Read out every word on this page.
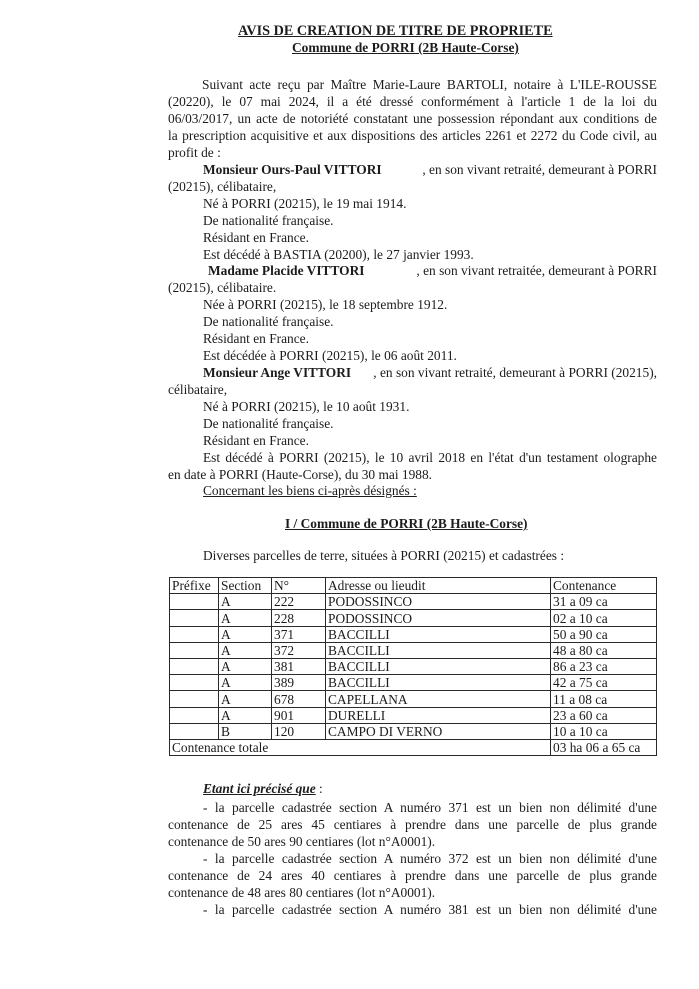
AVIS DE CREATION DE TITRE DE PROPRIETE
Commune de PORRI (2B Haute-Corse)
Suivant acte reçu par Maître Marie-Laure BARTOLI, notaire à L'ILE-ROUSSE
(20220), le 07 mai 2024, il a été dressé conformément à l'article 1 de la loi du
06/03/2017, un acte de notoriété constatant une possession répondant aux conditions de
la prescription acquisitive et aux dispositions des articles 2261 et 2272 du Code civil, au
profit de :
Monsieur Ours-Paul VITTORI	, en son vivant retraité, demeurant à PORRI
(20215), célibataire,
Né à PORRI (20215), le 19 mai 1914.
De nationalité française.
Résidant en France.
Est décédé à BASTIA (20200), le 27 janvier 1993.
Madame Placide VITTORI	, en son vivant retraitée, demeurant à PORRI
(20215), célibataire.
Née à PORRI (20215), le 18 septembre 1912.
De nationalité française.
Résidant en France.
Est décédée à PORRI (20215), le 06 août 2011.
Monsieur Ange VITTORI , en son vivant retraité, demeurant à PORRI (20215),
célibataire,
Né à PORRI (20215), le 10 août 1931.
De nationalité française.
Résidant en France.
Est décédé à PORRI (20215), le 10 avril 2018 en l'état d'un testament olographe
en date à PORRI (Haute-Corse), du 30 mai 1988.
Concernant les biens ci-après désignés :
I / Commune de PORRI (2B Haute-Corse)
Diverses parcelles de terre, situées à PORRI (20215) et cadastrées :
Préfixe	Section	N°	Adresse ou lieudit	Contenance
	A	222	PODOSSINCO	31 a 09 ca
	A	228	PODOSSINCO	02 a 10 ca
	A	371	BACCILLI	50 a 90 ca
	A	372	BACCILLI	48 a 80 ca
	A	381	BACCILLI	86 a 23 ca
	A	389	BACCILLI	42 a 75 ca
	A	678	CAPELLANA	11 a 08 ca
	A	901	DURELLI	23 a 60 ca
	B	120	CAMPO DI VERNO	10 a 10 ca
Contenance totale				03 ha 06 a 65 ca
Etant ici précisé que :
- la parcelle cadastrée section A numéro 371 est un bien non délimité d'une
contenance de 25 ares 45 centiares à prendre dans une parcelle de plus grande
contenance de 50 ares 90 centiares (lot n°A0001).
- la parcelle cadastrée section A numéro 372 est un bien non délimité d'une
contenance de 24 ares 40 centiares à prendre dans une parcelle de plus grande
contenance de 48 ares 80 centiares (lot n°A0001).
- la parcelle cadastrée section A numéro 381 est un bien non délimité d'une
